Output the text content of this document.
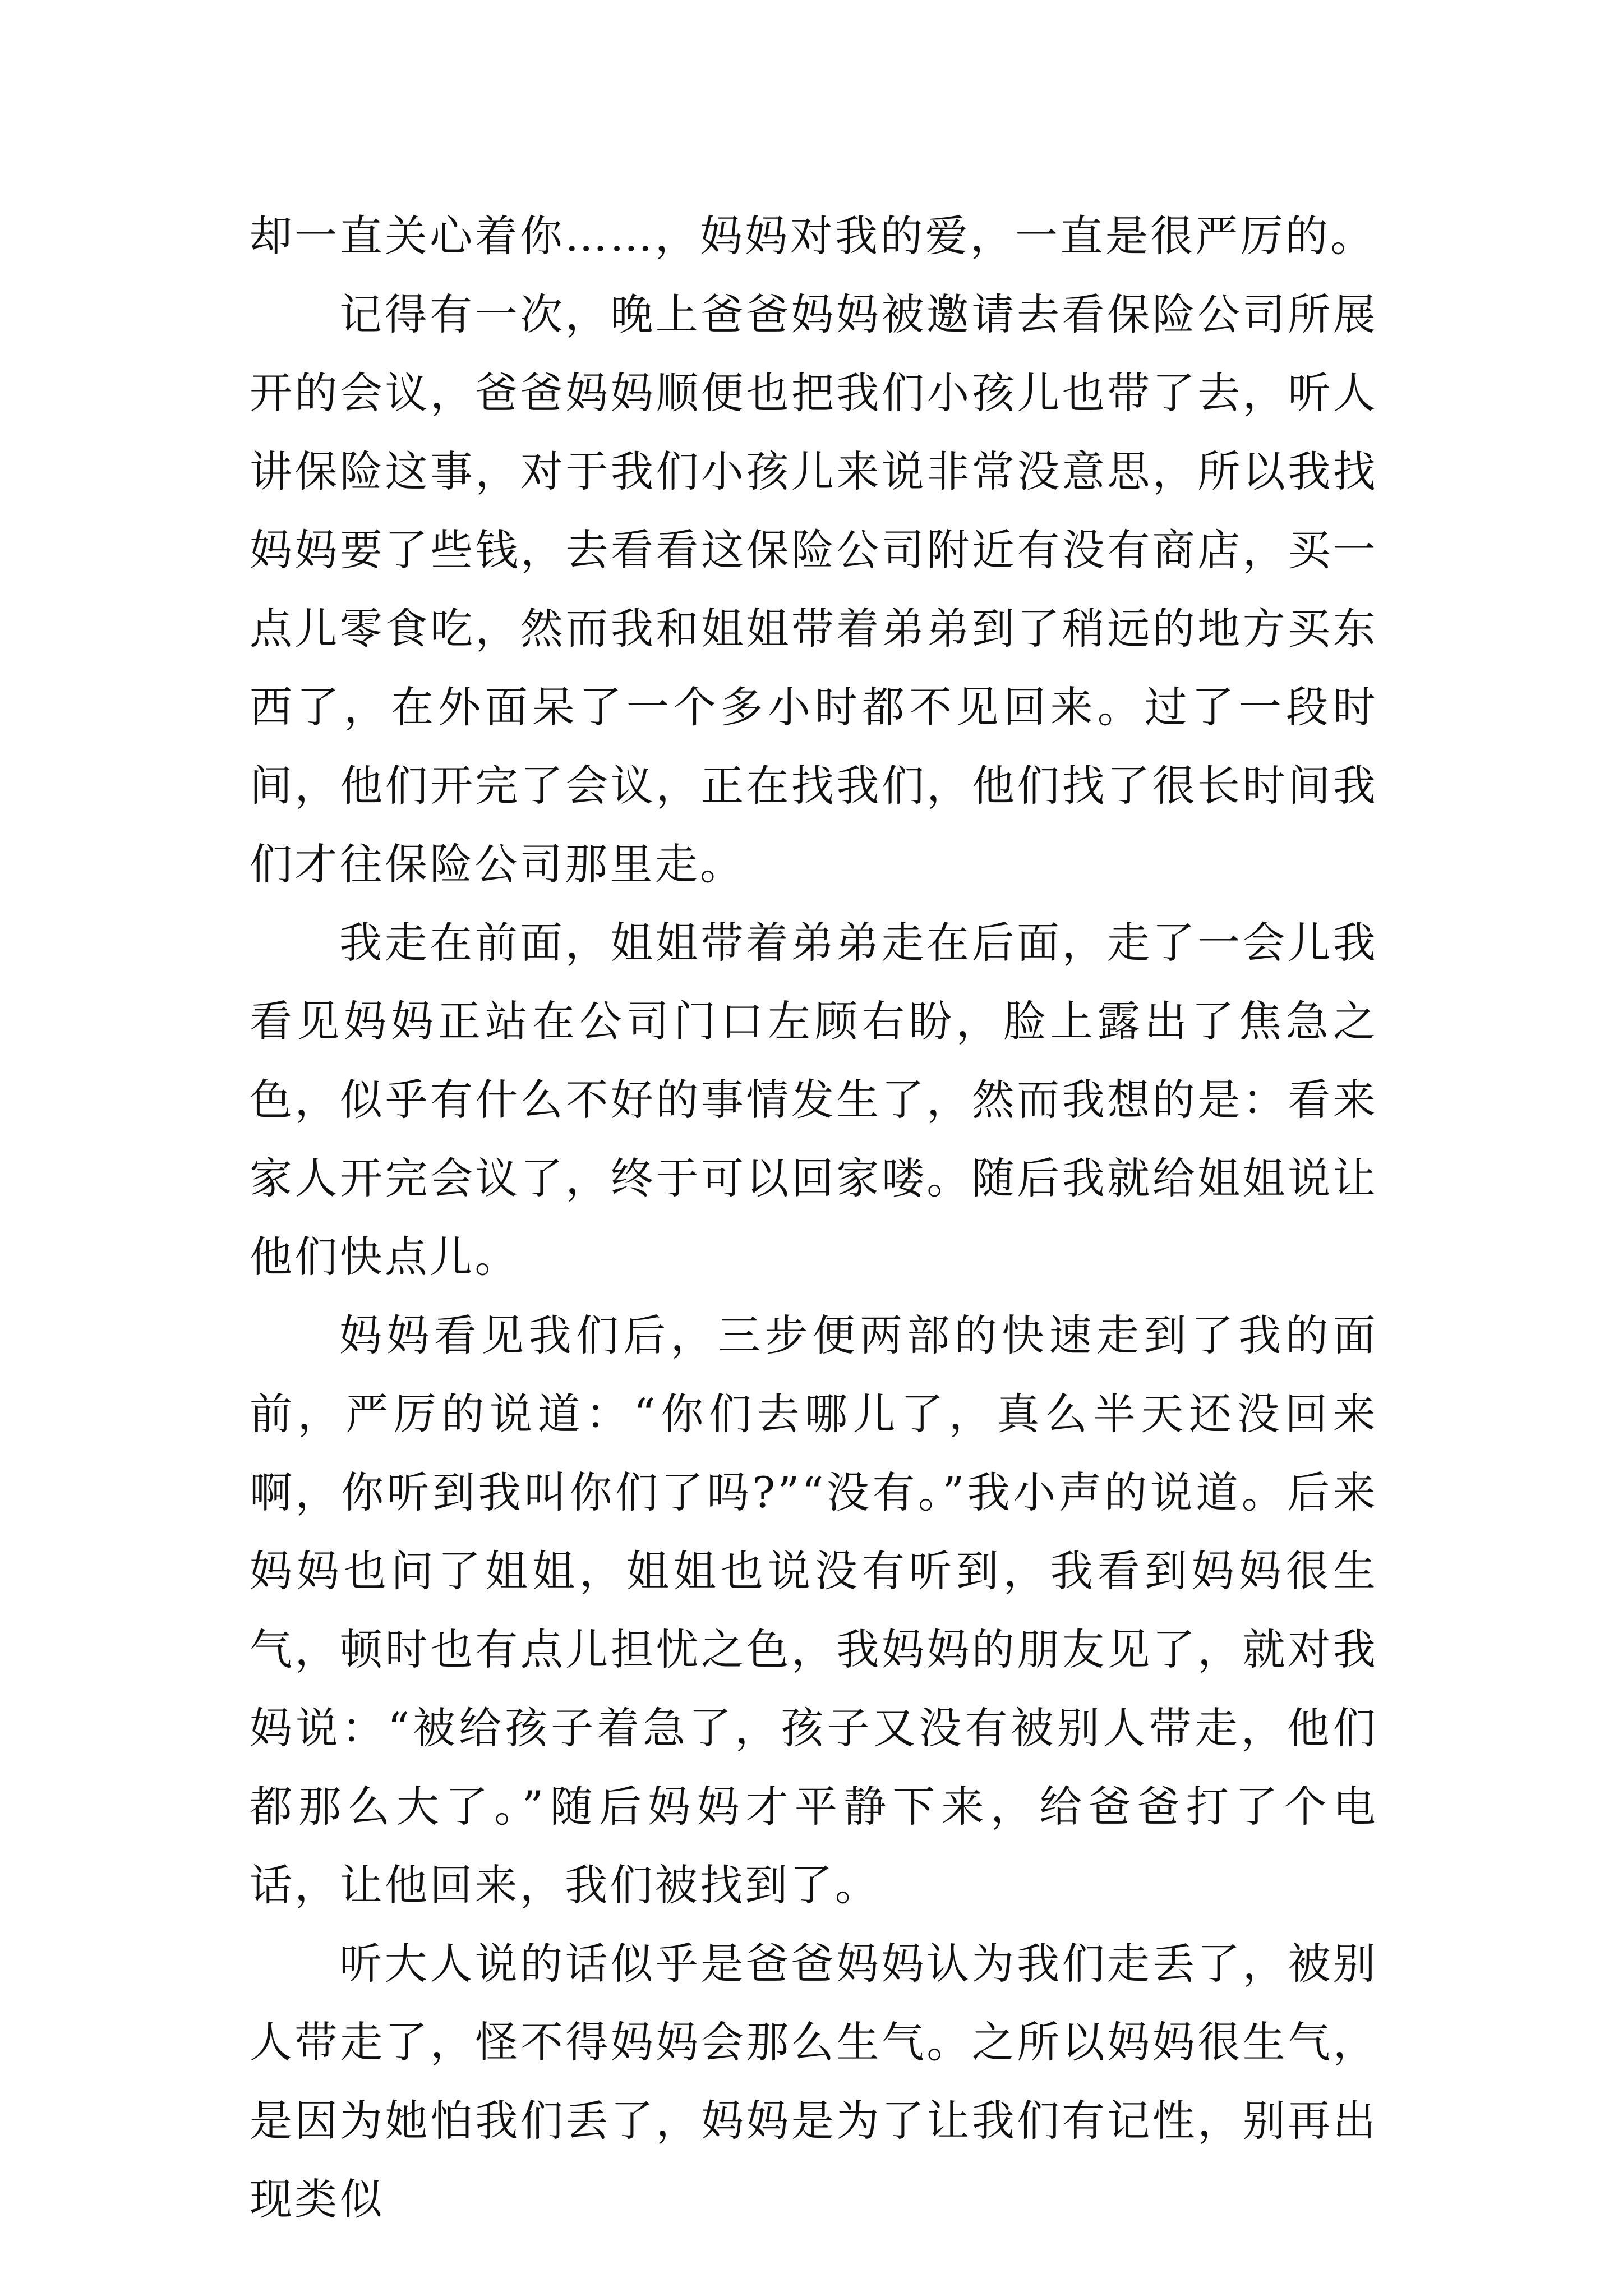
却一直关心着你……，妈妈对我的爱，一直是很严厉的。

记得有一次，晚上爸爸妈妈被邀请去看保险公司所展开的会议，爸爸妈妈顺便也把我们小孩儿也带了去，听人讲保险这事，对于我们小孩儿来说非常没意思，所以我找妈妈要了些钱，去看看这保险公司附近有没有商店，买一点儿零食吃，然而我和姐姐带着弟弟到了稍远的地方买东西了，在外面呆了一个多小时都不见回来。过了一段时间，他们开完了会议，正在找我们，他们找了很长时间我们才往保险公司那里走。

我走在前面，姐姐带着弟弟走在后面，走了一会儿我看见妈妈正站在公司门口左顾右盼，脸上露出了焦急之色，似乎有什么不好的事情发生了，然而我想的是：看来家人开完会议了，终于可以回家喽。随后我就给姐姐说让他们快点儿。

妈妈看见我们后，三步便两部的快速走到了我的面前，严厉的说道：“你们去哪儿了，真么半天还没回来啊，你听到我叫你们了吗?”“没有。”我小声的说道。后来妈妈也问了姐姐，姐姐也说没有听到，我看到妈妈很生气，顿时也有点儿担忧之色，我妈妈的朋友见了，就对我妈说：“被给孩子着急了，孩子又没有被别人带走，他们都那么大了。”随后妈妈才平静下来，给爸爸打了个电话，让他回来，我们被找到了。

听大人说的话似乎是爸爸妈妈认为我们走丢了，被别人带走了，怪不得妈妈会那么生气。之所以妈妈很生气，是因为她怕我们丢了，妈妈是为了让我们有记性，别再出现类似
